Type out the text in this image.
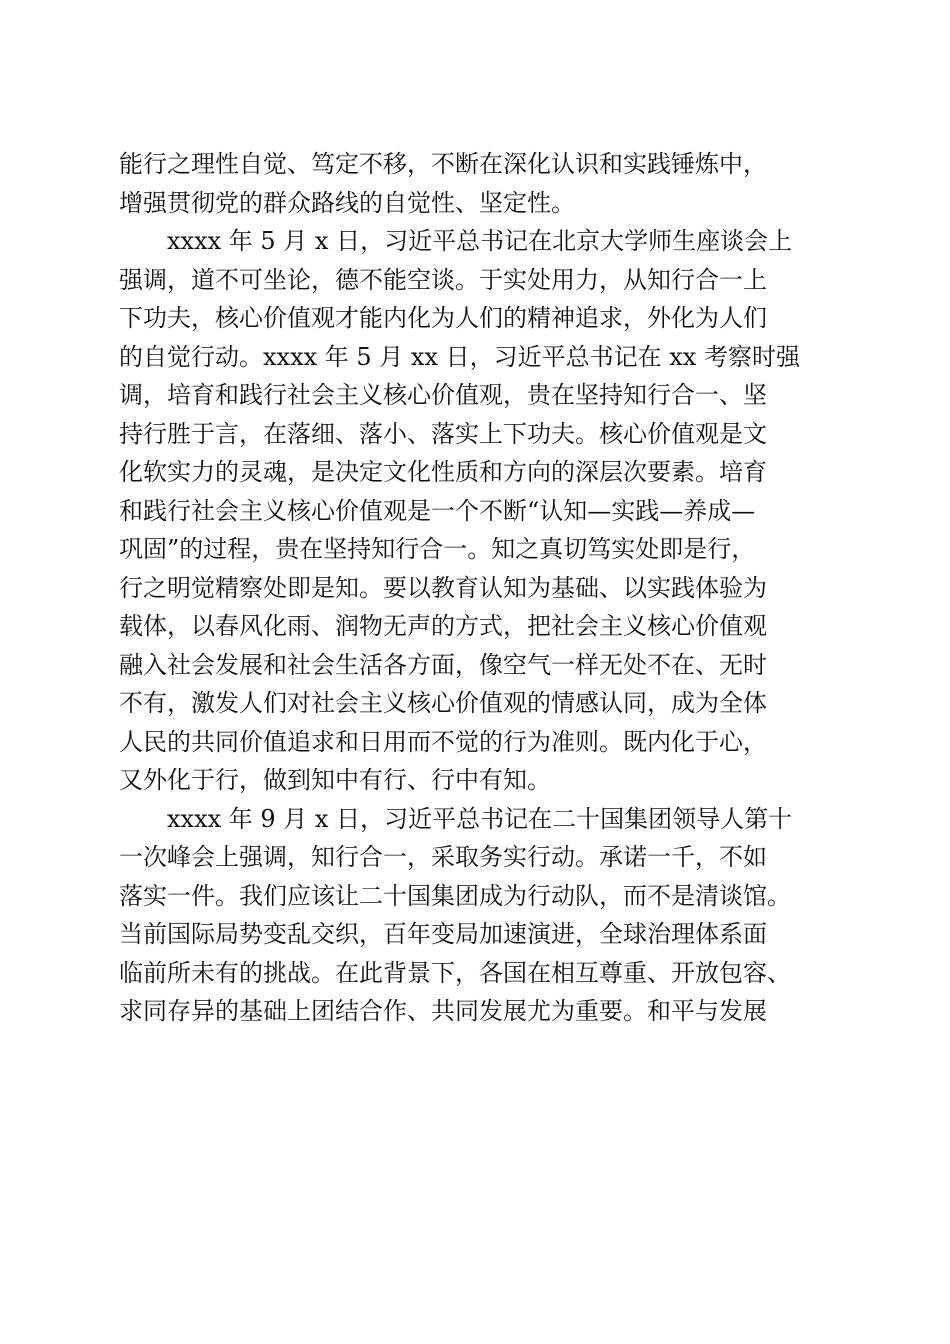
能行之理性自觉、笃定不移，不断在深化认识和实践锤炼中，
增强贯彻党的群众路线的自觉性、坚定性。
xxxx 年 5 月 x 日，习近平总书记在北京大学师生座谈会上
强调，道不可坐论，德不能空谈。于实处用力，从知行合一上
下功夫，核心价值观才能内化为人们的精神追求，外化为人们
的自觉行动。xxxx 年 5 月 xx 日，习近平总书记在 xx 考察时强
调，培育和践行社会主义核心价值观，贵在坚持知行合一、坚
持行胜于言，在落细、落小、落实上下功夫。核心价值观是文
化软实力的灵魂，是决定文化性质和方向的深层次要素。培育
和践行社会主义核心价值观是一个不断“认知—实践—养成—
巩固”的过程，贵在坚持知行合一。知之真切笃实处即是行，
行之明觉精察处即是知。要以教育认知为基础、以实践体验为
载体，以春风化雨、润物无声的方式，把社会主义核心价值观
融入社会发展和社会生活各方面，像空气一样无处不在、无时
不有，激发人们对社会主义核心价值观的情感认同，成为全体
人民的共同价值追求和日用而不觉的行为准则。既内化于心，
又外化于行，做到知中有行、行中有知。
xxxx 年 9 月 x 日，习近平总书记在二十国集团领导人第十
一次峰会上强调，知行合一，采取务实行动。承诺一千，不如
落实一件。我们应该让二十国集团成为行动队，而不是清谈馆。
当前国际局势变乱交织，百年变局加速演进，全球治理体系面
临前所未有的挑战。在此背景下，各国在相互尊重、开放包容、
求同存异的基础上团结合作、共同发展尤为重要。和平与发展
